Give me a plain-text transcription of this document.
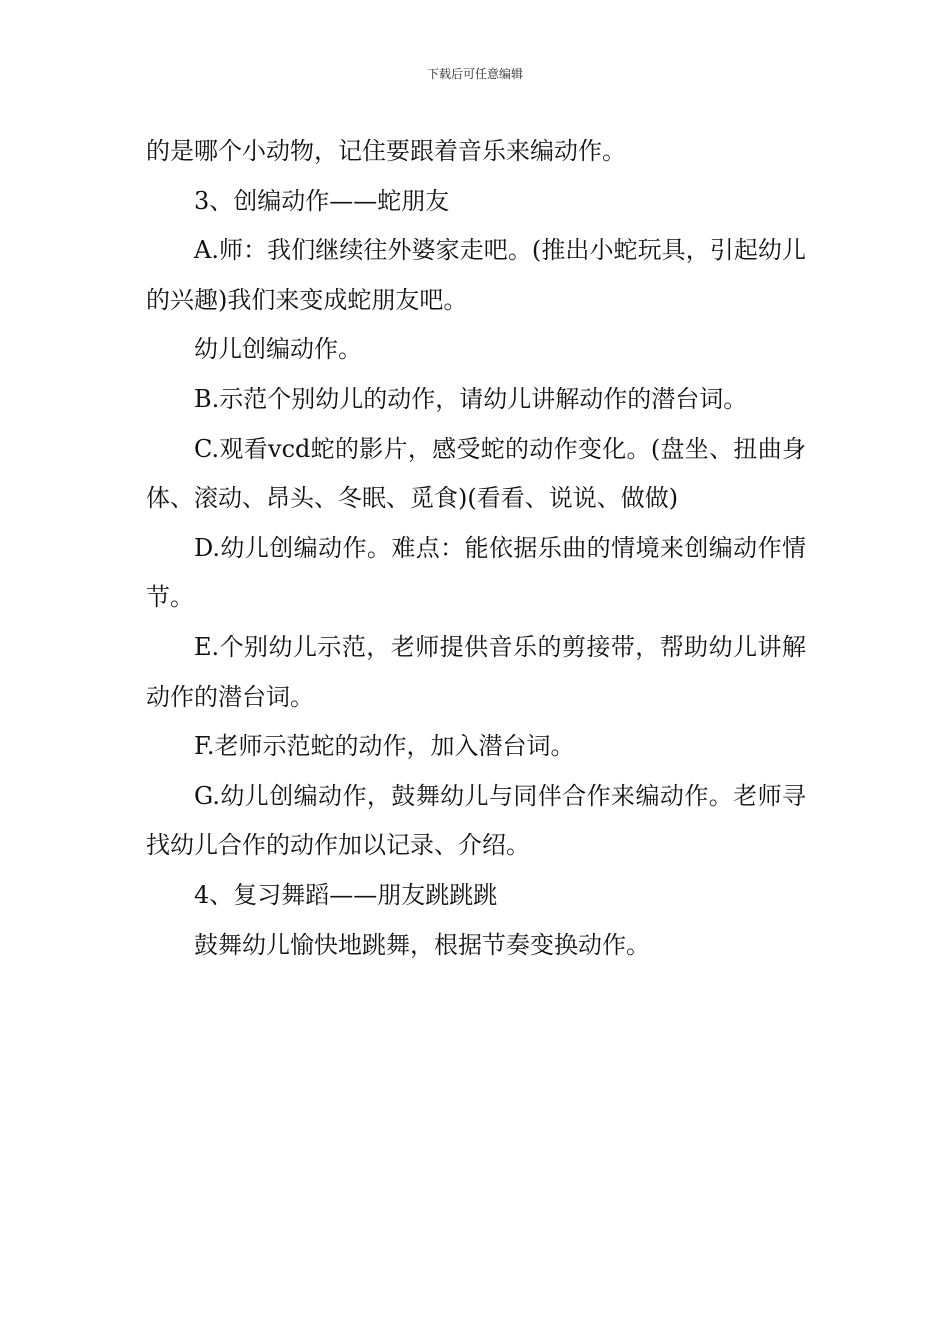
下载后可任意编辑

的是哪个小动物，记住要跟着音乐来编动作。

3、创编动作——蛇朋友

A.师：我们继续往外婆家走吧。(推出小蛇玩具，引起幼儿的兴趣)我们来变成蛇朋友吧。

幼儿创编动作。

B.示范个别幼儿的动作，请幼儿讲解动作的潜台词。

C.观看vcd蛇的影片，感受蛇的动作变化。(盘坐、扭曲身体、滚动、昂头、冬眠、觅食)(看看、说说、做做)

D.幼儿创编动作。难点：能依据乐曲的情境来创编动作情节。

E.个别幼儿示范，老师提供音乐的剪接带，帮助幼儿讲解动作的潜台词。

F.老师示范蛇的动作，加入潜台词。

G.幼儿创编动作，鼓舞幼儿与同伴合作来编动作。老师寻找幼儿合作的动作加以记录、介绍。

4、复习舞蹈——朋友跳跳跳

鼓舞幼儿愉快地跳舞，根据节奏变换动作。
